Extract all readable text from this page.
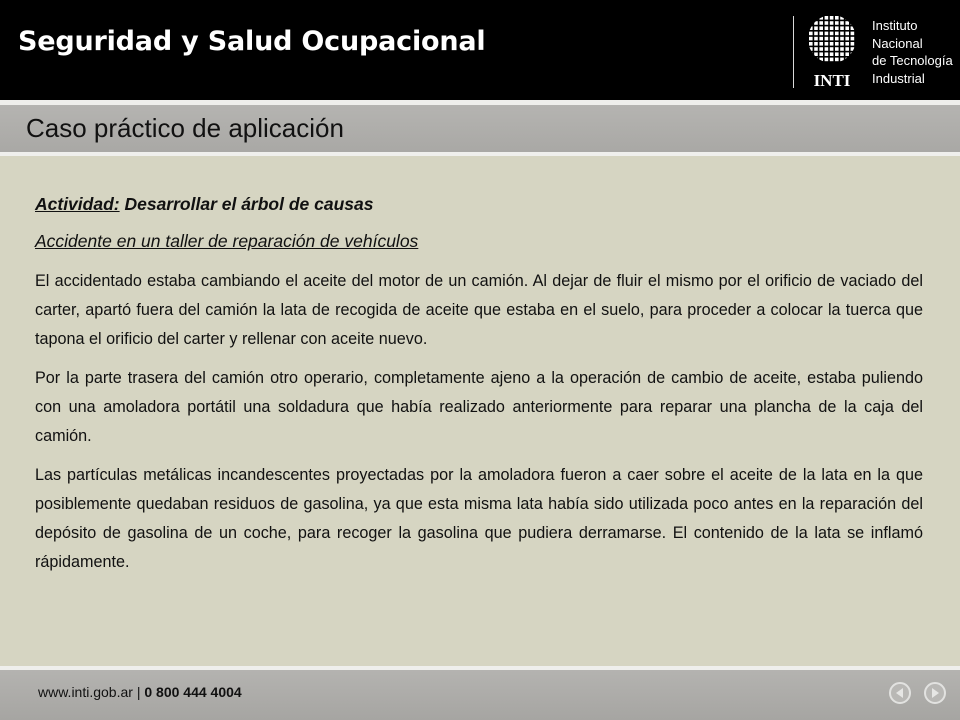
Seguridad y Salud Ocupacional
INTI
Instituto
Nacional
de Tecnología
Industrial
Caso práctico de aplicación
Actividad: Desarrollar el árbol de causas
Accidente en un taller de reparación de vehículos

El accidentado estaba cambiando el aceite del motor de un camión. Al dejar de fluir el mismo por el orificio de vaciado del carter, apartó fuera del camión la lata de recogida de aceite que estaba en el suelo, para proceder a colocar la tuerca que tapona el orificio del carter y rellenar con aceite nuevo.

Por la parte trasera del camión otro operario, completamente ajeno a la operación de cambio de aceite, estaba puliendo con una amoladora portátil una soldadura que había realizado anteriormente para reparar una plancha de la caja del camión.

Las partículas metálicas incandescentes proyectadas por la amoladora fueron a caer sobre el aceite de la lata en la que posiblemente quedaban residuos de gasolina, ya que esta misma lata había sido utilizada poco antes en la reparación del depósito de gasolina de un coche, para recoger la gasolina que pudiera derramarse. El contenido de la lata se inflamó rápidamente.

www.inti.gob.ar | 0 800 444 4004
